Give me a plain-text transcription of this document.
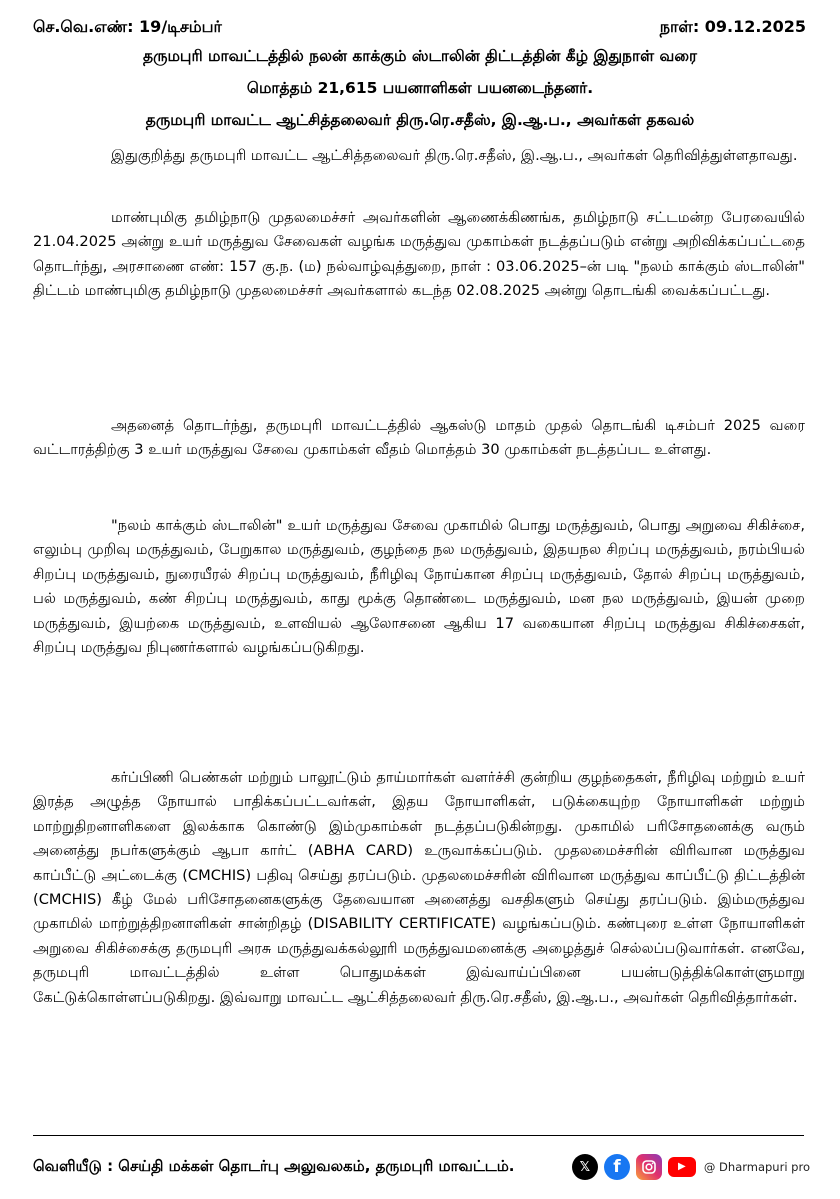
செ.வெ.எண்: 19/டிசம்பர்	நாள்: 09.12.2025
தருமபுரி மாவட்டத்தில் நலன் காக்கும் ஸ்டாலின் திட்டத்தின் கீழ் இதுநாள் வரை
மொத்தம் 21,615 பயனாளிகள் பயனடைந்தனர்.
தருமபுரி மாவட்ட ஆட்சித்தலைவர் திரு.ரெ.சதீஸ், இ.ஆ.ப., அவர்கள் தகவல்

இதுகுறித்து தருமபுரி மாவட்ட ஆட்சித்தலைவர் திரு.ரெ.சதீஸ், இ.ஆ.ப., அவர்கள் தெரிவித்துள்ளதாவது.

மாண்புமிகு தமிழ்நாடு முதலமைச்சர் அவர்களின் ஆணைக்கிணங்க, தமிழ்நாடு சட்டமன்ற பேரவையில் 21.04.2025 அன்று உயர் மருத்துவ சேவைகள் வழங்க மருத்துவ முகாம்கள் நடத்தப்படும் என்று அறிவிக்கப்பட்டதை தொடர்ந்து, அரசாணை எண்: 157 கு.ந. (ம) நல்வாழ்வுத்துறை, நாள் : 03.06.2025–ன் படி "நலம் காக்கும் ஸ்டாலின்" திட்டம் மாண்புமிகு தமிழ்நாடு முதலமைச்சர் அவர்களால் கடந்த 02.08.2025 அன்று தொடங்கி வைக்கப்பட்டது.

அதனைத் தொடர்ந்து, தருமபுரி மாவட்டத்தில் ஆகஸ்டு மாதம் முதல் தொடங்கி டிசம்பர் 2025 வரை வட்டாரத்திற்கு 3 உயர் மருத்துவ சேவை முகாம்கள் வீதம் மொத்தம் 30 முகாம்கள் நடத்தப்பட உள்ளது.

"நலம் காக்கும் ஸ்டாலின்" உயர் மருத்துவ சேவை முகாமில் பொது மருத்துவம், பொது அறுவை சிகிச்சை, எலும்பு முறிவு மருத்துவம், பேறுகால மருத்துவம், குழந்தை நல மருத்துவம், இதயநல சிறப்பு மருத்துவம், நரம்பியல் சிறப்பு மருத்துவம், நுரையீரல் சிறப்பு மருத்துவம், நீரிழிவு நோய்கான சிறப்பு மருத்துவம், தோல் சிறப்பு மருத்துவம், பல் மருத்துவம், கண் சிறப்பு மருத்துவம், காது மூக்கு தொண்டை மருத்துவம், மன நல மருத்துவம், இயன் முறை மருத்துவம், இயற்கை மருத்துவம், உளவியல் ஆலோசனை ஆகிய 17 வகையான சிறப்பு மருத்துவ சிகிச்சைகள், சிறப்பு மருத்துவ நிபுணர்களால் வழங்கப்படுகிறது.

கர்ப்பிணி பெண்கள் மற்றும் பாலூட்டும் தாய்மார்கள் வளர்ச்சி குன்றிய குழந்தைகள், நீரிழிவு மற்றும் உயர் இரத்த அழுத்த நோயால் பாதிக்கப்பட்டவர்கள், இதய நோயாளிகள், படுக்கையுற்ற நோயாளிகள் மற்றும் மாற்றுதிறனாளிகளை இலக்காக கொண்டு இம்முகாம்கள் நடத்தப்படுகின்றது. முகாமில் பரிசோதனைக்கு வரும் அனைத்து நபர்களுக்கும் ஆபா கார்ட் (ABHA CARD) உருவாக்கப்படும். முதலமைச்சரின் விரிவான மருத்துவ காப்பீட்டு அட்டைக்கு (CMCHIS) பதிவு செய்து தரப்படும். முதலமைச்சரின் விரிவான மருத்துவ காப்பீட்டு திட்டத்தின் (CMCHIS) கீழ் மேல் பரிசோதனைகளுக்கு தேவையான அனைத்து வசதிகளும் செய்து தரப்படும். இம்மருத்துவ முகாமில் மாற்றுத்திறனாளிகள் சான்றிதழ் (DISABILITY CERTIFICATE) வழங்கப்படும். கண்புரை உள்ள நோயாளிகள் அறுவை சிகிச்சைக்கு தருமபுரி அரசு மருத்துவக்கல்லூரி மருத்துவமனைக்கு அழைத்துச் செல்லப்படுவார்கள். எனவே, தருமபுரி மாவட்டத்தில் உள்ள பொதுமக்கள் இவ்வாய்ப்பினை பயன்படுத்திக்கொள்ளுமாறு கேட்டுக்கொள்ளப்படுகிறது. இவ்வாறு மாவட்ட ஆட்சித்தலைவர் திரு.ரெ.சதீஸ், இ.ஆ.ப., அவர்கள் தெரிவித்தார்கள்.

வெளியீடு : செய்தி மக்கள் தொடர்பு அலுவலகம், தருமபுரி மாவட்டம்.	𝕏	f	▶	@ Dharmapuri pro
